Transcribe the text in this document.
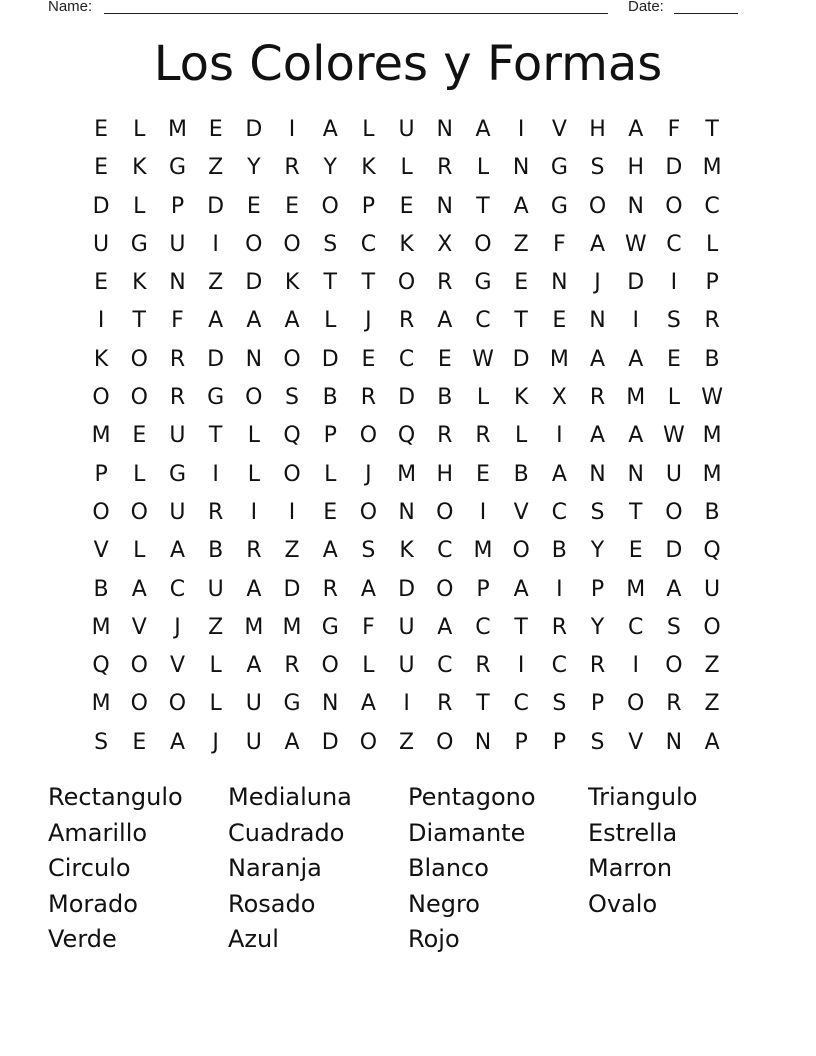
Name:	Date:
Los Colores y Formas
E	L	M E	D	I	A	L	U N	A	I	V	H	A	F	T
E	K	G	Z	Y	R	Y	K	L	R	L	N G	S	H D M
D	L	P	D	E	E	O	P	E	N	T	A	G O N O C
U G U	I	O O	S	C	K	X O Z	F	A W C	L
E	K	N	Z	D	K	T	T	O R	G	E	N	J	D	I	P
I	T	F	A	A	A	L	J	R	A	C	T	E	N	I	S	R
K	O R	D N O D	E	C	E W D M A	A	E	B
O O R	G O	S	B	R	D	B	L	K	X	R M	L W
M E	U	T	L	Q	P	O Q R	R	L	I	A	A W M
P	L	G	I	L	O	L	J	M H	E	B	A	N N U M
O O U	R	I	I	E	O N O	I	V	C	S	T	O B
V	L	A	B	R	Z	A	S	K	C M O B	Y	E	D Q
B	A	C	U	A	D	R	A	D O	P	A	I	P	M A	U
M V	J	Z M M G	F	U	A	C	T	R	Y	C	S	O
Q O	V	L	A	R O	L	U	C	R	I	C	R	I	O Z
M O O	L	U G N	A	I	R	T	C	S	P	O R	Z
S	E	A	J	U	A	D O Z O N	P	P	S	V	N	A
Rectangulo	Medialuna	Pentagono	Triangulo
Amarillo	Cuadrado	Diamante	Estrella
Circulo	Naranja	Blanco	Marron
Morado	Rosado	Negro	Ovalo
Verde	Azul	Rojo
